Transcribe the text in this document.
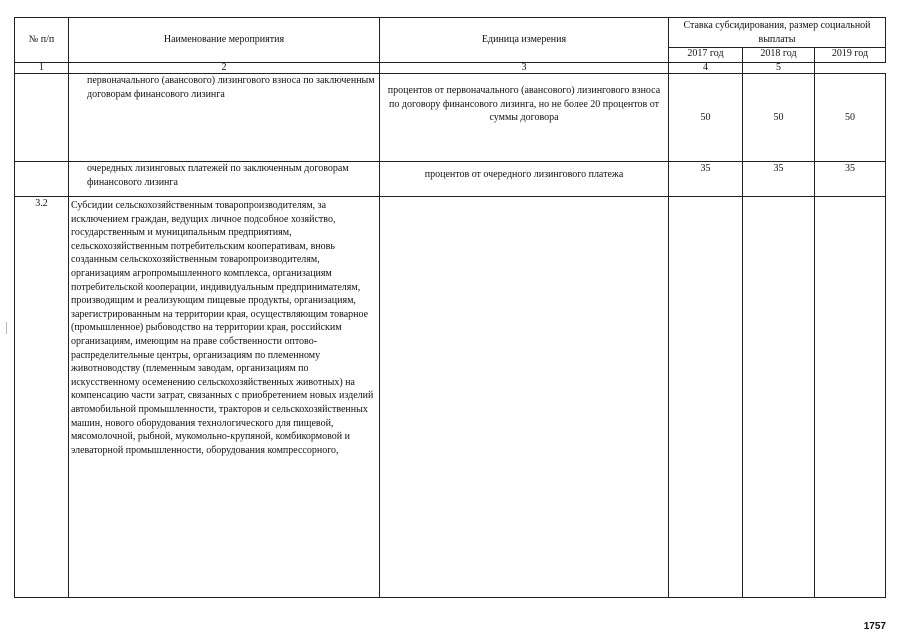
№ п/п	Наименование мероприятия	Единица измерения	Ставка субсидирования, размер социальной выплаты		
			2017 год	2018 год	2019 год
1	2	3	4	5	
	первоначального (авансового) лизингового взноса по заключенным договорам финансового лизинга	процентов от первоначального (авансового) лизингового взноса по договору финансового лизинга, но не более 20 процентов от суммы договора	50	50	50
	очередных лизинговых платежей по заключенным договорам финансового лизинга	процентов от очередного лизингового платежа	35	35	35
3.2	Субсидии сельскохозяйственным товаропроизводителям, за исключением граждан, ведущих личное подсобное хозяйство, государственным и муниципальным предприятиям, сельскохозяйственным потребительским кооперативам, вновь созданным сельскохозяйственным товаропроизводителям, организациям агропромышленного комплекса, организациям потребительской кооперации, индивидуальным предпринимателям, производящим и реализующим пищевые продукты, организациям, зарегистрированным на территории края, осуществляющим товарное (промышленное) рыбоводство на территории края, российским организациям, имеющим на праве собственности оптово-распределительные центры, организациям по племенному животноводству (племенным заводам, организациям по искусственному осеменению сельскохозяйственных животных) на компенсацию части затрат, связанных с приобретением новых изделий автомобильной промышленности, тракторов и сельскохозяйственных машин, нового оборудования технологического для пищевой, мясомолочной, рыбной, мукомольно-крупяной, комбикормовой и элеваторной промышленности, оборудования компрессорного,				
1757
